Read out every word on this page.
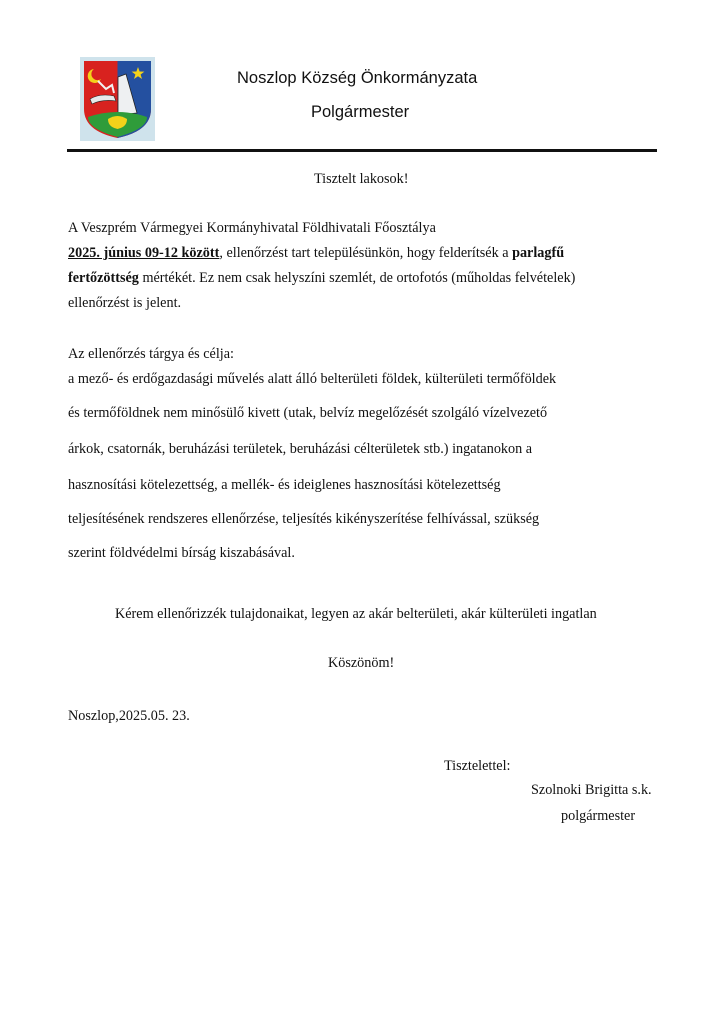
Noszlop Község Önkormányzata
Polgármester
Tisztelt lakosok!
A Veszprém Vármegyei Kormányhivatal Földhivatali Főosztálya
2025. június 09-12 között, ellenőrzést tart településünkön, hogy felderítsék a parlagfű
fertőzöttség mértékét. Ez nem csak helyszíni szemlét, de ortofotós (műholdas felvételek)
ellenőrzést is jelent.
Az ellenőrzés tárgya és célja:
a mező- és erdőgazdasági művelés alatt álló belterületi földek, külterületi termőföldek
és termőföldnek nem minősülő kivett (utak, belvíz megelőzését szolgáló vízelvezető
árkok, csatornák, beruházási területek, beruházási célterületek stb.) ingatanokon a
hasznosítási kötelezettség, a mellék- és ideiglenes hasznosítási kötelezettség
teljesítésének rendszeres ellenőrzése, teljesítés kikényszerítése felhívással, szükség
szerint földvédelmi bírság kiszabásával.
Kérem ellenőrizzék tulajdonaikat, legyen az akár belterületi, akár külterületi ingatlan
Köszönöm!
Noszlop,2025.05. 23.
Tisztelettel:
Szolnoki Brigitta s.k.
polgármester
